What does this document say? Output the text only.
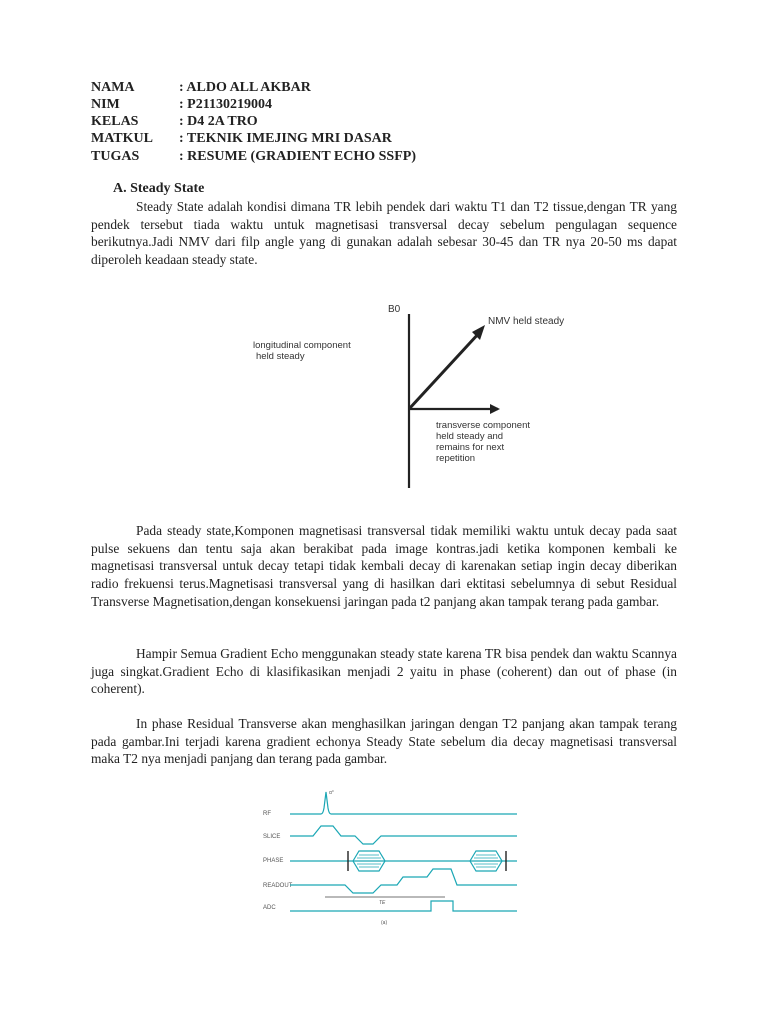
NAMA	: ALDO ALL AKBAR
NIM	: P21130219004
KELAS	: D4 2A TRO
MATKUL	: TEKNIK IMEJING MRI DASAR
TUGAS	: RESUME (GRADIENT ECHO SSFP)
A. Steady State
Steady State adalah kondisi dimana TR lebih pendek dari waktu T1 dan T2 tissue,dengan TR yang pendek tersebut tiada waktu untuk magnetisasi transversal decay sebelum pengulagan sequence berikutnya.Jadi NMV dari filp angle yang di gunakan adalah sebesar 30-45 dan TR nya 20-50 ms dapat diperoleh keadaan steady state.
B0
NMV held steady
longitudinal component
held steady
transverse component
held steady and
remains for next
repetition
Pada steady state,Komponen magnetisasi transversal tidak memiliki waktu untuk decay pada saat pulse sekuens dan tentu saja akan berakibat pada image kontras.jadi ketika komponen kembali ke magnetisasi transversal untuk decay tetapi tidak kembali decay di karenakan setiap ingin decay diberikan radio frekuensi terus.Magnetisasi transversal yang di hasilkan dari ektitasi sebelumnya di sebut Residual Transverse Magnetisation,dengan konsekuensi jaringan pada t2 panjang akan tampak terang pada gambar.
Hampir Semua Gradient Echo menggunakan steady state karena TR bisa pendek dan waktu Scannya juga singkat.Gradient Echo di klasifikasikan menjadi 2 yaitu in phase (coherent) dan out of phase (in coherent).
In phase Residual Transverse akan menghasilkan jaringan dengan T2 panjang akan tampak terang pada gambar.Ini terjadi karena gradient echonya Steady State sebelum dia decay magnetisasi transversal maka T2 nya menjadi panjang dan terang pada gambar.
RF
SLICE
PHASE
READOUT
ADC
α°
TE
(a)
